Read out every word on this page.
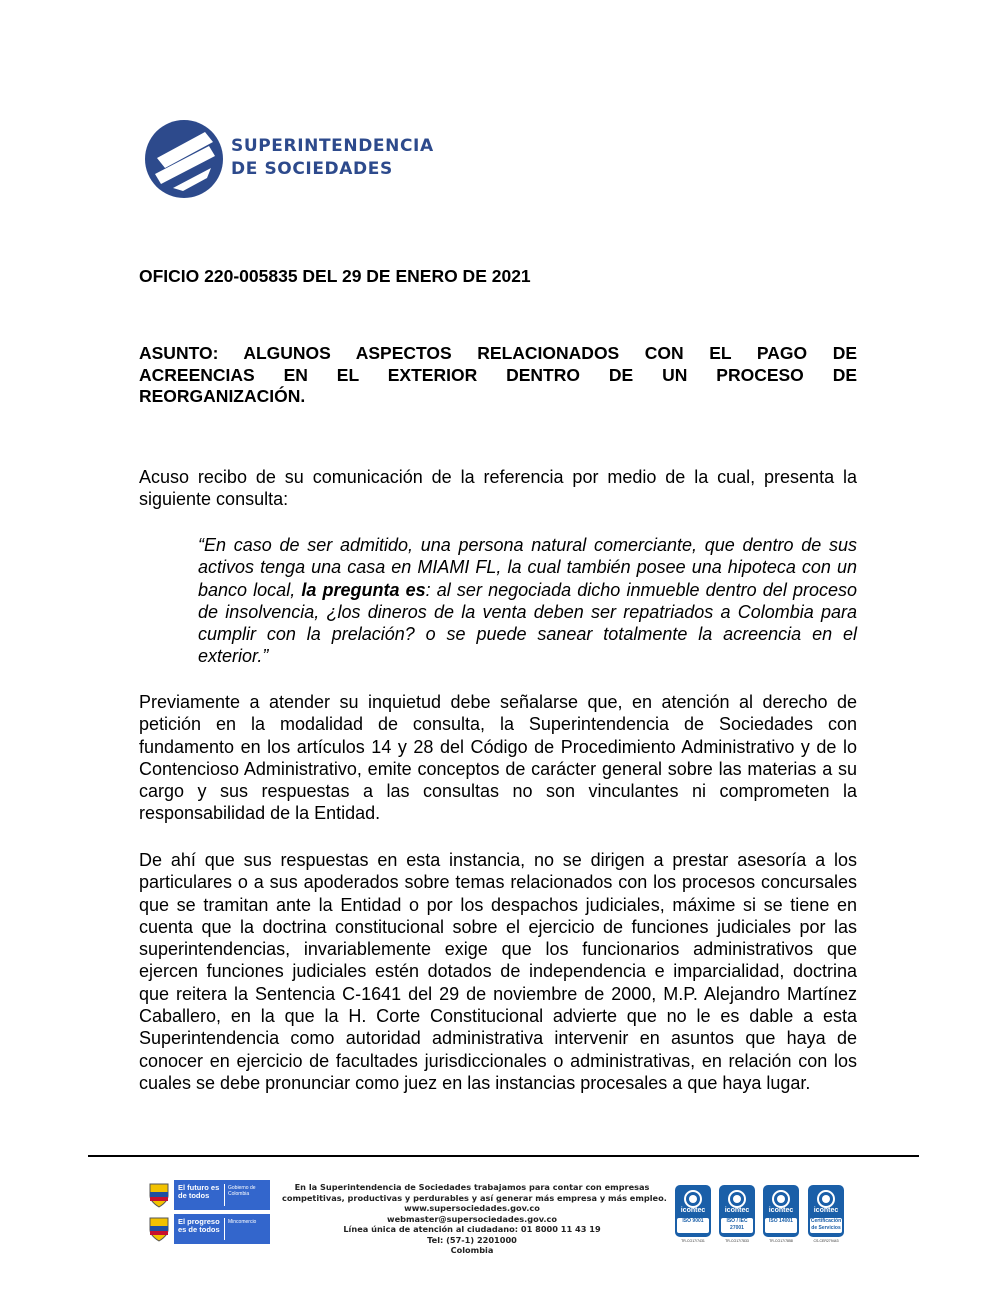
SUPERINTENDENCIA
DE SOCIEDADES
OFICIO 220-005835 DEL 29 DE ENERO DE 2021
ASUNTO: ALGUNOS ASPECTOS RELACIONADOS CON EL PAGO DE
ACREENCIAS EN EL EXTERIOR DENTRO DE UN PROCESO DE
REORGANIZACIÓN.

Acuso recibo de su comunicación de la referencia por medio de la cual, presenta la siguiente consulta:

“En caso de ser admitido, una persona natural comerciante, que dentro de sus activos tenga una casa en MIAMI FL, la cual también posee una hipoteca con un banco local, la pregunta es: al ser negociada dicho inmueble dentro del proceso de insolvencia, ¿los dineros de la venta deben ser repatriados a Colombia para cumplir con la prelación? o se puede sanear totalmente la acreencia en el exterior.”

Previamente a atender su inquietud debe señalarse que, en atención al derecho de petición en la modalidad de consulta, la Superintendencia de Sociedades con fundamento en los artículos 14 y 28 del Código de Procedimiento Administrativo y de lo Contencioso Administrativo, emite conceptos de carácter general sobre las materias a su cargo y sus respuestas a las consultas no son vinculantes ni comprometen la responsabilidad de la Entidad.

De ahí que sus respuestas en esta instancia, no se dirigen a prestar asesoría a los particulares o a sus apoderados sobre temas relacionados con los procesos concursales que se tramitan ante la Entidad o por los despachos judiciales, máxime si se tiene en cuenta que la doctrina constitucional sobre el ejercicio de funciones judiciales por las superintendencias, invariablemente exige que los funcionarios administrativos que ejercen funciones judiciales estén dotados de independencia e imparcialidad, doctrina que reitera la Sentencia C-1641 del 29 de noviembre de 2000, M.P. Alejandro Martínez Caballero, en la que la H. Corte Constitucional advierte que no le es dable a esta Superintendencia como autoridad administrativa intervenir en asuntos que haya de conocer en ejercicio de facultades jurisdiccionales o administrativas, en relación con los cuales se debe pronunciar como juez en las instancias procesales a que haya lugar.

El futuro es de todos
Gobierno de Colombia
El progreso es de todos
Mincomercio
En la Superintendencia de Sociedades trabajamos para contar con empresas
competitivas, productivas y perdurables y así generar más empresa y más empleo.
www.supersociedades.gov.co
webmaster@supersociedades.gov.co
Línea única de atención al ciudadano: 01 8000 11 43 19
Tel: (57-1) 2201000
Colombia
icontec
ISO 9001
TR-CO17/7431
icontec
ISO / IEC 27001
TR-CO17/7833
icontec
ISO 14001
TR-CO17/7858
icontec
Certificación de Servicios
CS-CER279443
